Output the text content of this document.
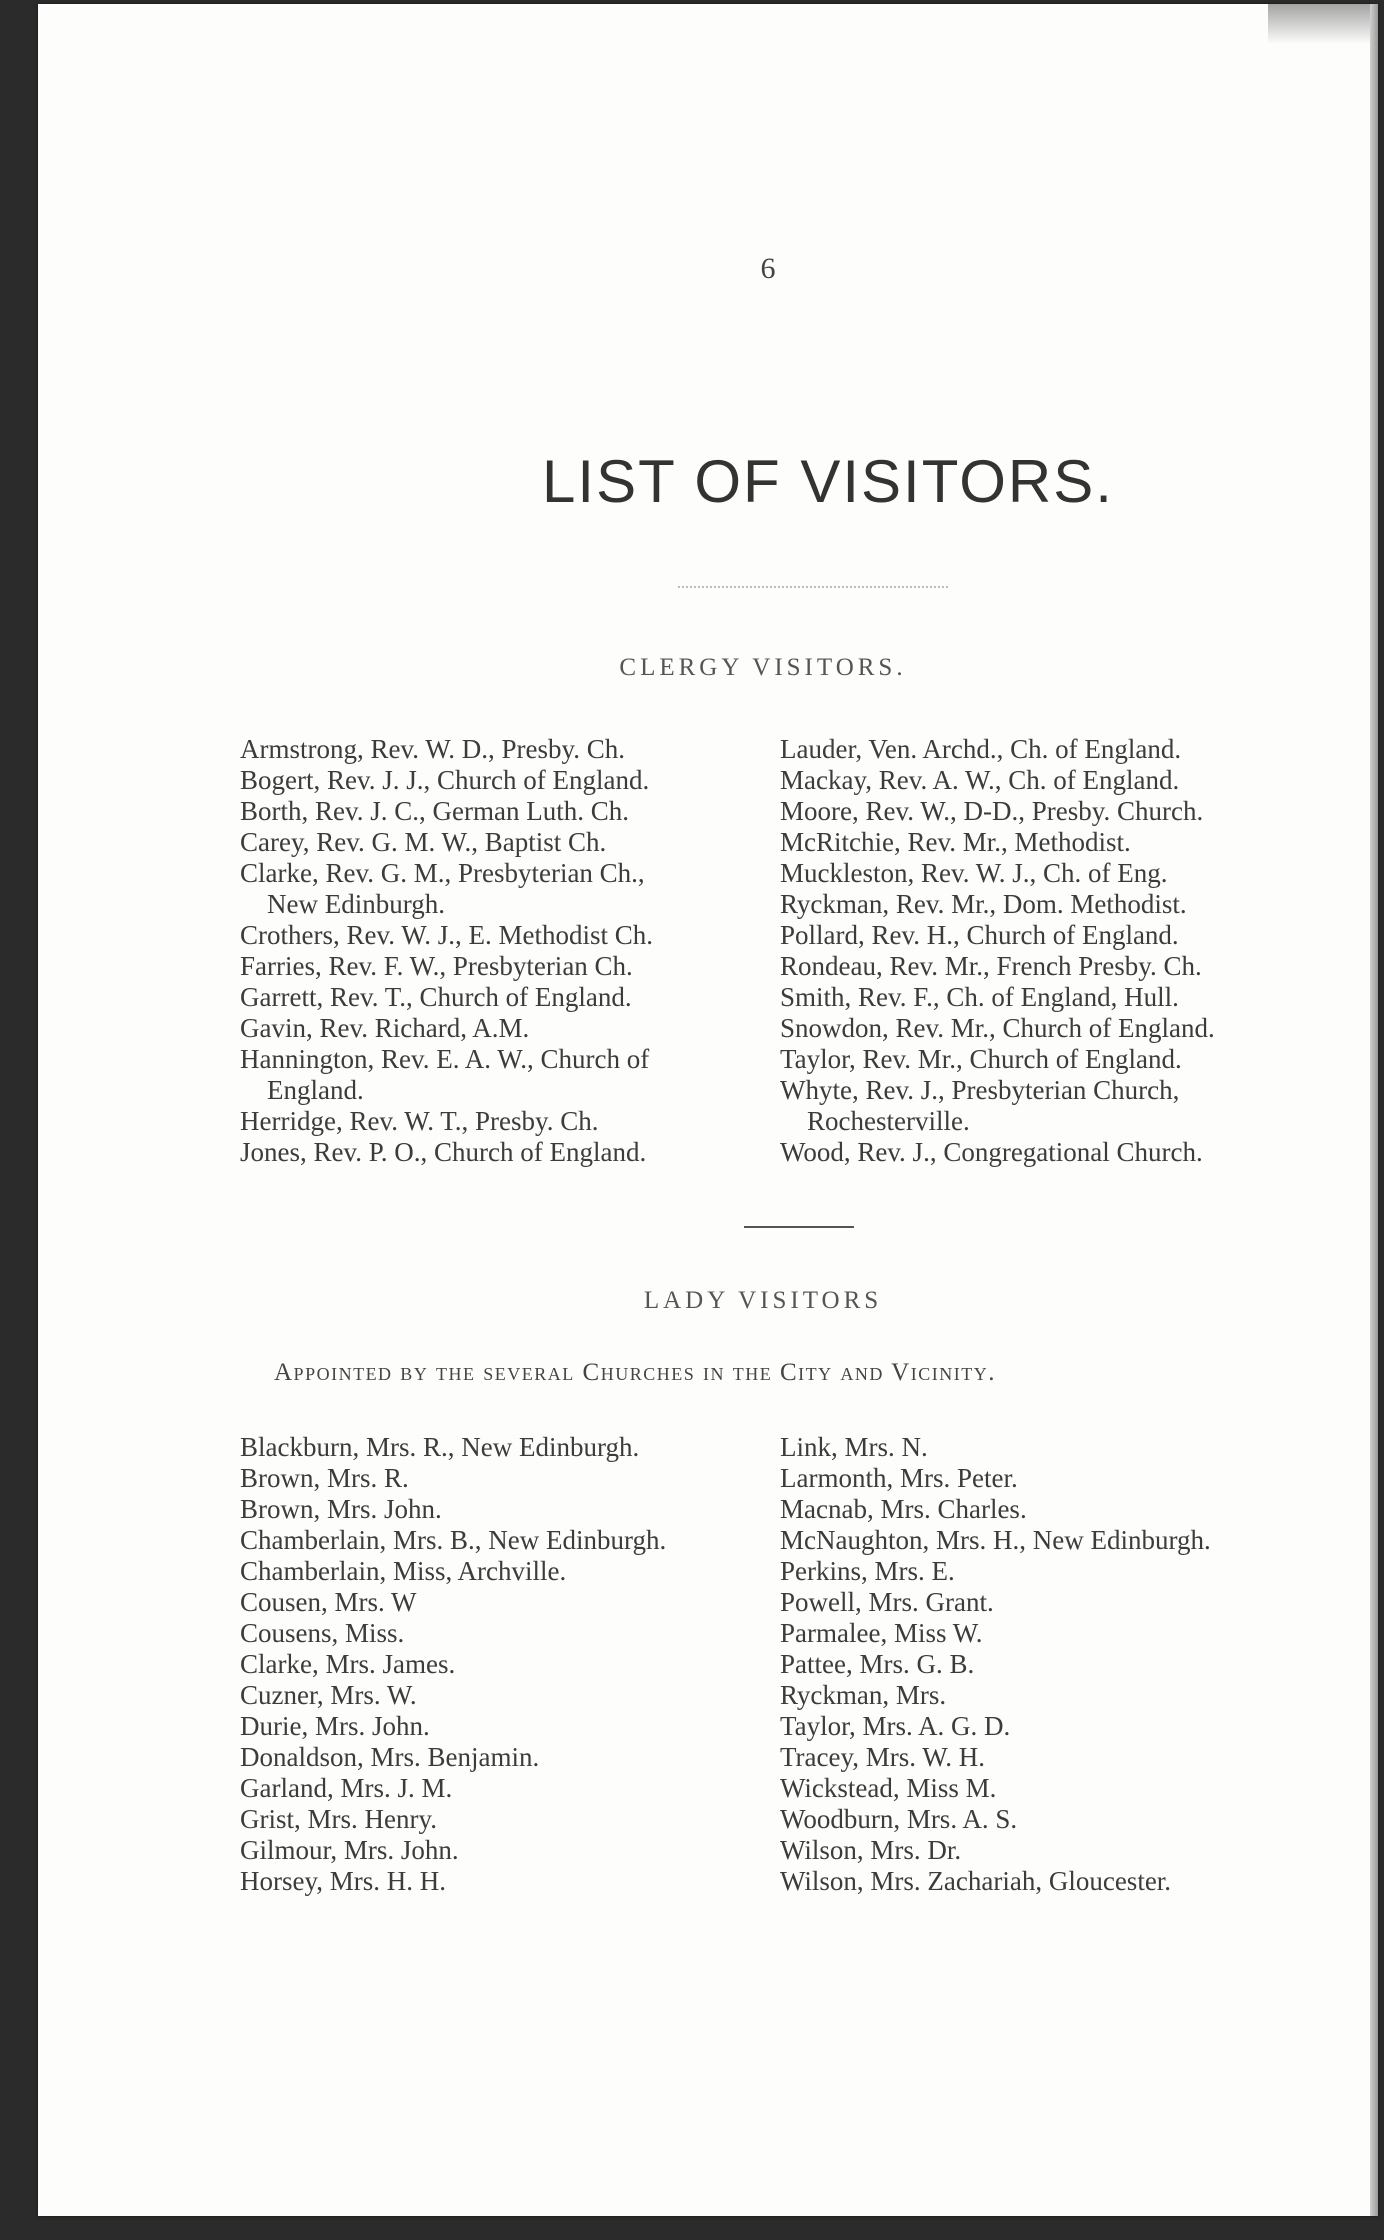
6
LIST OF VISITORS.
CLERGY VISITORS.
Armstrong, Rev. W. D., Presby. Ch.
Bogert, Rev. J. J., Church of England.
Borth, Rev. J. C., German Luth. Ch.
Carey, Rev. G. M. W., Baptist Ch.
Clarke, Rev. G. M., Presbyterian Ch.,
New Edinburgh.
Crothers, Rev. W. J., E. Methodist Ch.
Farries, Rev. F. W., Presbyterian Ch.
Garrett, Rev. T., Church of England.
Gavin, Rev. Richard, A.M.
Hannington, Rev. E. A. W., Church of
England.
Herridge, Rev. W. T., Presby. Ch.
Jones, Rev. P. O., Church of England.
Lauder, Ven. Archd., Ch. of England.
Mackay, Rev. A. W., Ch. of England.
Moore, Rev. W., D-D., Presby. Church.
McRitchie, Rev. Mr., Methodist.
Muckleston, Rev. W. J., Ch. of Eng.
Ryckman, Rev. Mr., Dom. Methodist.
Pollard, Rev. H., Church of England.
Rondeau, Rev. Mr., French Presby. Ch.
Smith, Rev. F., Ch. of England, Hull.
Snowdon, Rev. Mr., Church of England.
Taylor, Rev. Mr., Church of England.
Whyte, Rev. J., Presbyterian Church,
Rochesterville.
Wood, Rev. J., Congregational Church.
LADY VISITORS
Appointed by the several Churches in the City and Vicinity.
Blackburn, Mrs. R., New Edinburgh.
Brown, Mrs. R.
Brown, Mrs. John.
Chamberlain, Mrs. B., New Edinburgh.
Chamberlain, Miss, Archville.
Cousen, Mrs. W
Cousens, Miss.
Clarke, Mrs. James.
Cuzner, Mrs. W.
Durie, Mrs. John.
Donaldson, Mrs. Benjamin.
Garland, Mrs. J. M.
Grist, Mrs. Henry.
Gilmour, Mrs. John.
Horsey, Mrs. H. H.
Link, Mrs. N.
Larmonth, Mrs. Peter.
Macnab, Mrs. Charles.
McNaughton, Mrs. H., New Edinburgh.
Perkins, Mrs. E.
Powell, Mrs. Grant.
Parmalee, Miss W.
Pattee, Mrs. G. B.
Ryckman, Mrs.
Taylor, Mrs. A. G. D.
Tracey, Mrs. W. H.
Wickstead, Miss M.
Woodburn, Mrs. A. S.
Wilson, Mrs. Dr.
Wilson, Mrs. Zachariah, Gloucester.
